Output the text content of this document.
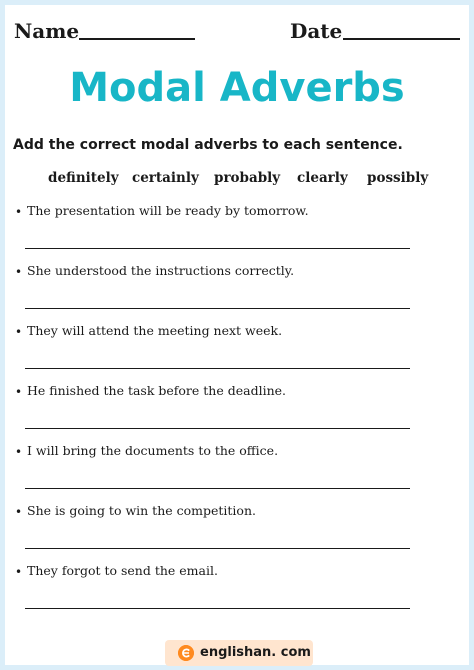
Name	Date
Modal Adverbs

Add the correct modal adverbs to each sentence.

definitely certainly probably clearly possibly
• The presentation will be ready by tomorrow.
• She understood the instructions correctly.
• They will attend the meeting next week.
• He finished the task before the deadline.
• I will bring the documents to the office.
• She is going to win the competition.
• They forgot to send the email.
englishan. com
